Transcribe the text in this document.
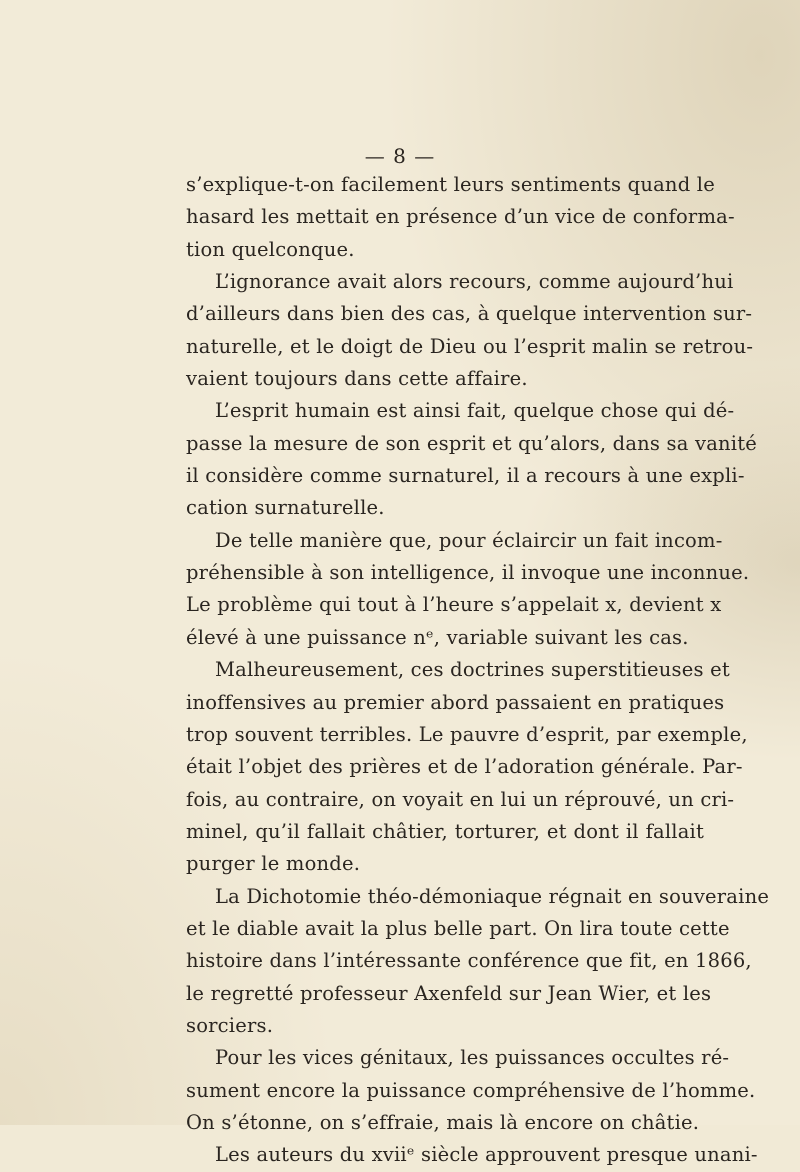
— 8 —
s’explique-t-on facilement leurs sentiments quand le
hasard les mettait en présence d’un vice de conforma-
tion quelconque.
L’ignorance avait alors recours, comme aujourd’hui
d’ailleurs dans bien des cas, à quelque intervention sur-
naturelle, et le doigt de Dieu ou l’esprit malin se retrou-
vaient toujours dans cette affaire.
L’esprit humain est ainsi fait, quelque chose qui dé-
passe la mesure de son esprit et qu’alors, dans sa vanité
il considère comme surnaturel, il a recours à une expli-
cation surnaturelle.
De telle manière que, pour éclaircir un fait incom-
préhensible à son intelligence, il invoque une inconnue.
Le problème qui tout à l’heure s’appelait x, devient x
élevé à une puissance nᵉ, variable suivant les cas.
Malheureusement, ces doctrines superstitieuses et
inoffensives au premier abord passaient en pratiques
trop souvent terribles. Le pauvre d’esprit, par exemple,
était l’objet des prières et de l’adoration générale. Par-
fois, au contraire, on voyait en lui un réprouvé, un cri-
minel, qu’il fallait châtier, torturer, et dont il fallait
purger le monde.
La Dichotomie théo-démoniaque régnait en souveraine
et le diable avait la plus belle part. On lira toute cette
histoire dans l’intéressante conférence que fit, en 1866,
le regretté professeur Axenfeld sur Jean Wier, et les
sorciers.
Pour les vices génitaux, les puissances occultes ré-
sument encore la puissance compréhensive de l’homme.
On s’étonne, on s’effraie, mais là encore on châtie.
Les auteurs du xviiᵉ siècle approuvent presque unani-
